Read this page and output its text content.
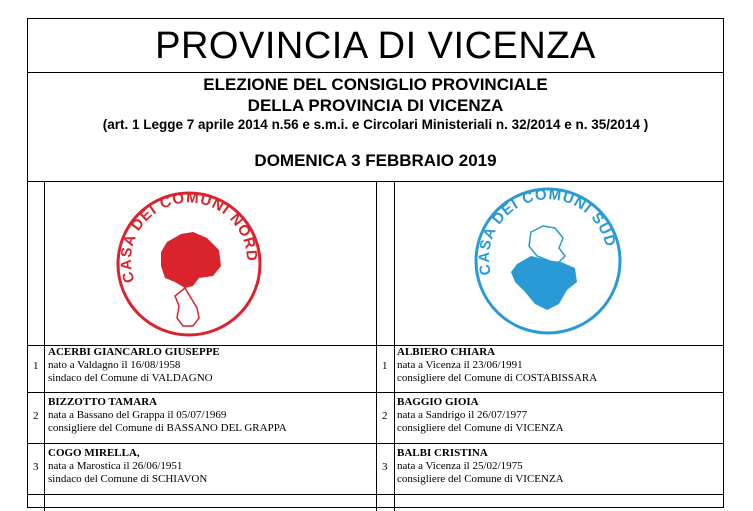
PROVINCIA DI VICENZA
ELEZIONE DEL CONSIGLIO PROVINCIALE
DELLA PROVINCIA DI VICENZA
(art. 1 Legge 7 aprile 2014 n.56 e s.m.i. e Circolari Ministeriali n. 32/2014 e n. 35/2014 )
DOMENICA 3 FEBBRAIO 2019
CASA DEI COMUNI NORD
CASA DEI COMUNI SUD
1
ACERBI GIANCARLO GIUSEPPE
nato a Valdagno il 16/08/1958
sindaco del Comune di VALDAGNO
2
BIZZOTTO TAMARA
nata a Bassano del Grappa il 05/07/1969
consigliere del Comune di BASSANO DEL GRAPPA
3
COGO MIRELLA,
nata a Marostica il 26/06/1951
sindaco del Comune di SCHIAVON
1
ALBIERO CHIARA
nata a Vicenza il 23/06/1991
consigliere del Comune di COSTABISSARA
2
BAGGIO GIOIA
nata a Sandrigo il 26/07/1977
consigliere del Comune di VICENZA
3
BALBI CRISTINA
nata a Vicenza il 25/02/1975
consigliere del Comune di VICENZA
